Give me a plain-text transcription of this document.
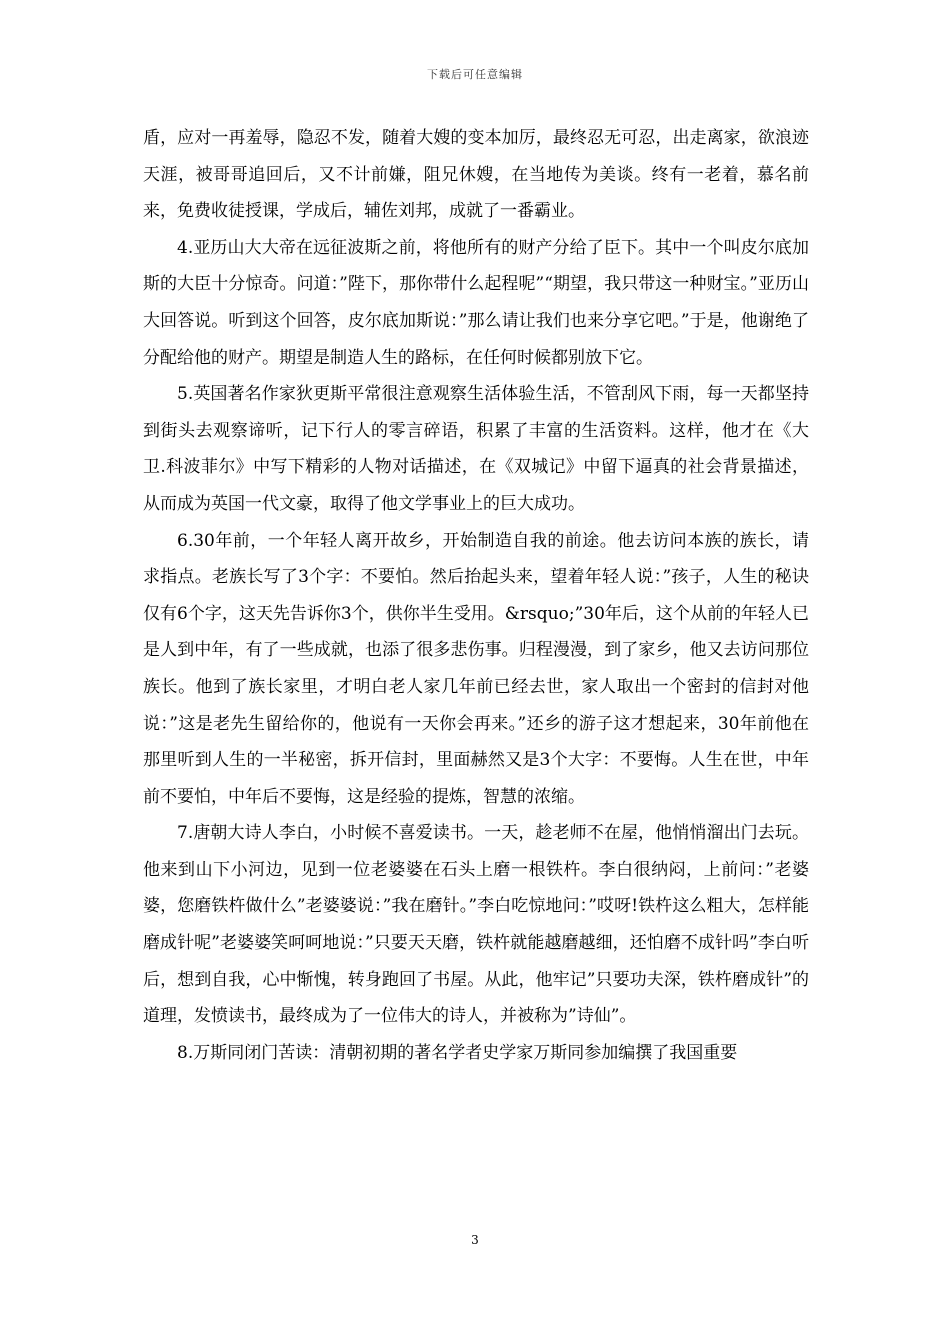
下载后可任意编辑

盾，应对一再羞辱，隐忍不发，随着大嫂的变本加厉，最终忍无可忍，出走离家，欲浪迹天涯，被哥哥追回后，又不计前嫌，阻兄休嫂，在当地传为美谈。终有一老着，慕名前来，免费收徒授课，学成后，辅佐刘邦，成就了一番霸业。

4.亚历山大大帝在远征波斯之前，将他所有的财产分给了臣下。其中一个叫皮尔底加斯的大臣十分惊奇。问道：”陛下，那你带什么起程呢”“期望，我只带这一种财宝。”亚历山大回答说。听到这个回答，皮尔底加斯说：”那么请让我们也来分享它吧。”于是，他谢绝了分配给他的财产。期望是制造人生的路标，在任何时候都别放下它。

5.英国著名作家狄更斯平常很注意观察生活体验生活，不管刮风下雨，每一天都坚持到街头去观察谛听，记下行人的零言碎语，积累了丰富的生活资料。这样，他才在《大卫.科波菲尔》中写下精彩的人物对话描述，在《双城记》中留下逼真的社会背景描述，从而成为英国一代文豪，取得了他文学事业上的巨大成功。

6.30年前，一个年轻人离开故乡，开始制造自我的前途。他去访问本族的族长，请求指点。老族长写了3个字：不要怕。然后抬起头来，望着年轻人说：”孩子，人生的秘诀仅有6个字，这天先告诉你3个，供你半生受用。&rsquo;”30年后，这个从前的年轻人已是人到中年，有了一些成就，也添了很多悲伤事。归程漫漫，到了家乡，他又去访问那位族长。他到了族长家里，才明白老人家几年前已经去世，家人取出一个密封的信封对他说：”这是老先生留给你的，他说有一天你会再来。”还乡的游子这才想起来，30年前他在那里听到人生的一半秘密，拆开信封，里面赫然又是3个大字：不要悔。人生在世，中年前不要怕，中年后不要悔，这是经验的提炼，智慧的浓缩。

7.唐朝大诗人李白，小时候不喜爱读书。一天，趁老师不在屋，他悄悄溜出门去玩。他来到山下小河边，见到一位老婆婆在石头上磨一根铁杵。李白很纳闷，上前问：”老婆婆，您磨铁杵做什么”老婆婆说：”我在磨针。”李白吃惊地问：”哎呀!铁杵这么粗大，怎样能磨成针呢”老婆婆笑呵呵地说：”只要天天磨，铁杵就能越磨越细，还怕磨不成针吗”李白听后，想到自我，心中惭愧，转身跑回了书屋。从此，他牢记”只要功夫深，铁杵磨成针”的道理，发愤读书，最终成为了一位伟大的诗人，并被称为”诗仙”。

8.万斯同闭门苦读：清朝初期的著名学者史学家万斯同参加编撰了我国重要

3
